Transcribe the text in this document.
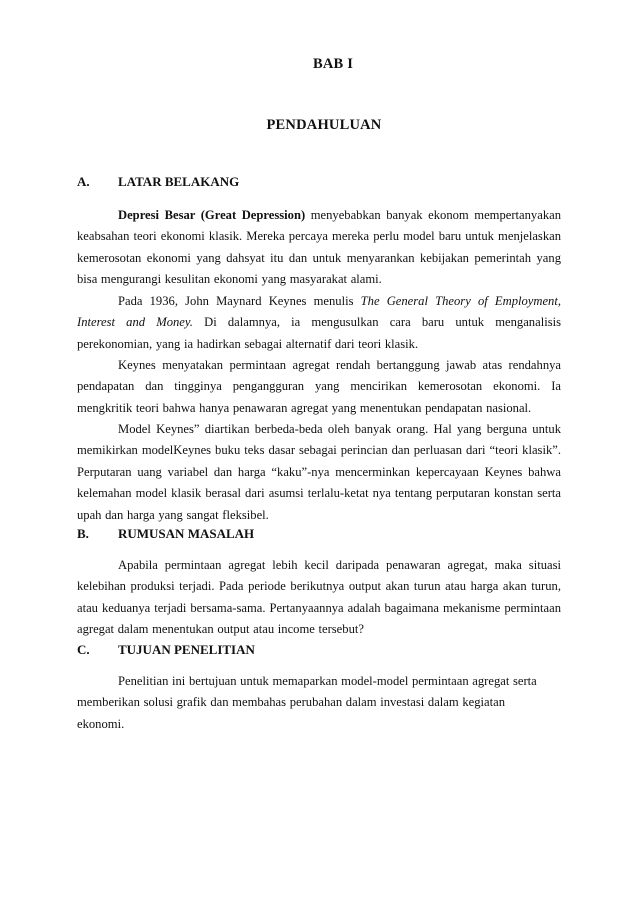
BAB I
PENDAHULUAN
A. LATAR BELAKANG

Depresi Besar (Great Depression) menyebabkan banyak ekonom mempertanyakan keabsahan teori ekonomi klasik. Mereka percaya mereka perlu model baru untuk menjelaskan kemerosotan ekonomi yang dahsyat itu dan untuk menyarankan kebijakan pemerintah yang bisa mengurangi kesulitan ekonomi yang masyarakat alami.

Pada 1936, John Maynard Keynes menulis The General Theory of Employment, Interest and Money. Di dalamnya, ia mengusulkan cara baru untuk menganalisis perekonomian, yang ia hadirkan sebagai alternatif dari teori klasik.

Keynes menyatakan permintaan agregat rendah bertanggung jawab atas rendahnya pendapatan dan tingginya pengangguran yang mencirikan kemerosotan ekonomi. Ia mengkritik teori bahwa hanya penawaran agregat yang menentukan pendapatan nasional.

Model Keynes” diartikan berbeda-beda oleh banyak orang. Hal yang berguna untuk memikirkan modelKeynes buku teks dasar sebagai perincian dan perluasan dari “teori klasik”. Perputaran uang variabel dan harga “kaku”-nya mencerminkan kepercayaan Keynes bahwa kelemahan model klasik berasal dari asumsi terlalu-ketat nya tentang perputaran konstan serta upah dan harga yang sangat fleksibel.

B. RUMUSAN MASALAH

Apabila permintaan agregat lebih kecil daripada penawaran agregat, maka situasi kelebihan produksi terjadi. Pada periode berikutnya output akan turun atau harga akan turun, atau keduanya terjadi bersama-sama. Pertanyaannya adalah bagaimana mekanisme permintaan agregat dalam menentukan output atau income tersebut?

C. TUJUAN PENELITIAN

Penelitian ini bertujuan untuk memaparkan model-model permintaan agregat serta memberikan solusi grafik dan membahas perubahan dalam investasi dalam kegiatan ekonomi.
